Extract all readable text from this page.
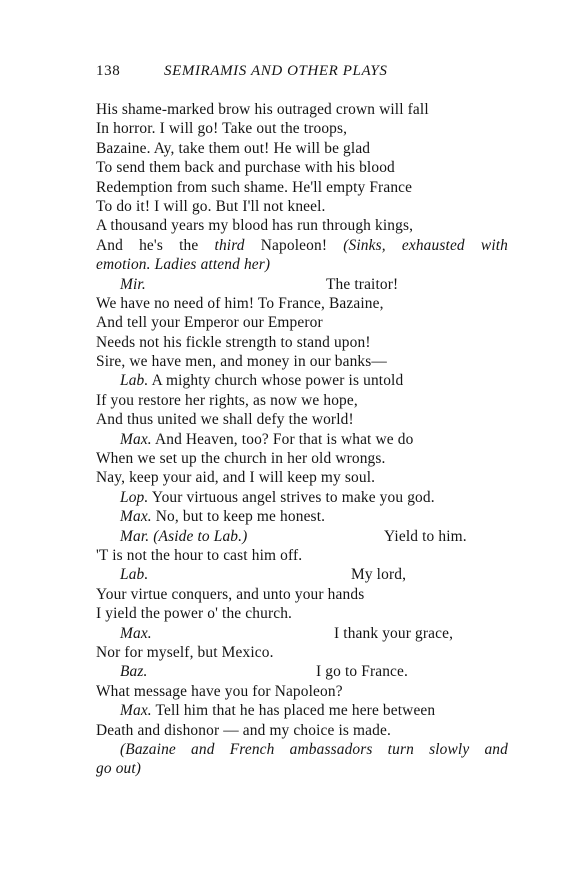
138	SEMIRAMIS AND OTHER PLAYS
His shame-marked brow his outraged crown will fall
In horror. I will go! Take out the troops,
Bazaine. Ay, take them out! He will be glad
To send them back and purchase with his blood
Redemption from such shame. He'll empty France
To do it! I will go. But I'll not kneel.
A thousand years my blood has run through kings,
And he's the third Napoleon! (Sinks, exhausted with
emotion. Ladies attend her)
Mir.	The traitor!
We have no need of him! To France, Bazaine,
And tell your Emperor our Emperor
Needs not his fickle strength to stand upon!
Sire, we have men, and money in our banks—
Lab. A mighty church whose power is untold
If you restore her rights, as now we hope,
And thus united we shall defy the world!
Max. And Heaven, too? For that is what we do
When we set up the church in her old wrongs.
Nay, keep your aid, and I will keep my soul.
Lop. Your virtuous angel strives to make you god.
Max. No, but to keep me honest.
Mar. (Aside to Lab.)	Yield to him.
'T is not the hour to cast him off.
Lab.	My lord,
Your virtue conquers, and unto your hands
I yield the power o' the church.
Max.	I thank your grace,
Nor for myself, but Mexico.
Baz.	I go to France.
What message have you for Napoleon?
Max. Tell him that he has placed me here between
Death and dishonor — and my choice is made.
(Bazaine and French ambassadors turn slowly and
go out)
